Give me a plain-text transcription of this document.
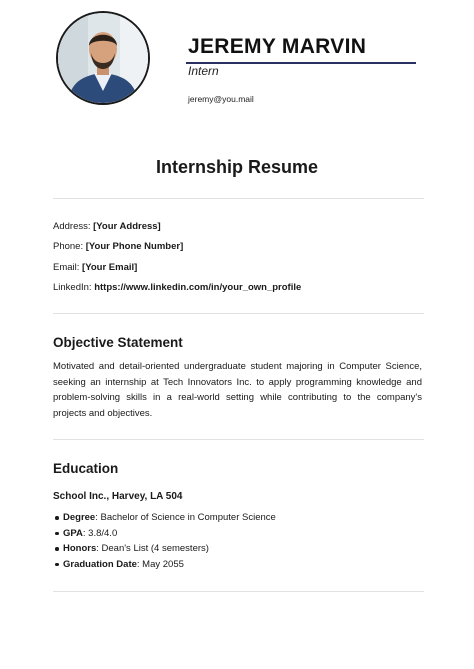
JEREMY MARVIN
Intern
jeremy@you.mail
Internship Resume
Address: [Your Address]
Phone: [Your Phone Number]
Email: [Your Email]
LinkedIn: https://www.linkedin.com/in/your_own_profile
Objective Statement
Motivated and detail-oriented undergraduate student majoring in Computer Science, seeking an internship at Tech Innovators Inc. to apply programming knowledge and problem-solving skills in a real-world setting while contributing to the company's projects and objectives.
Education
School Inc., Harvey, LA 504
Degree: Bachelor of Science in Computer Science
GPA: 3.8/4.0
Honors: Dean's List (4 semesters)
Graduation Date: May 2055
